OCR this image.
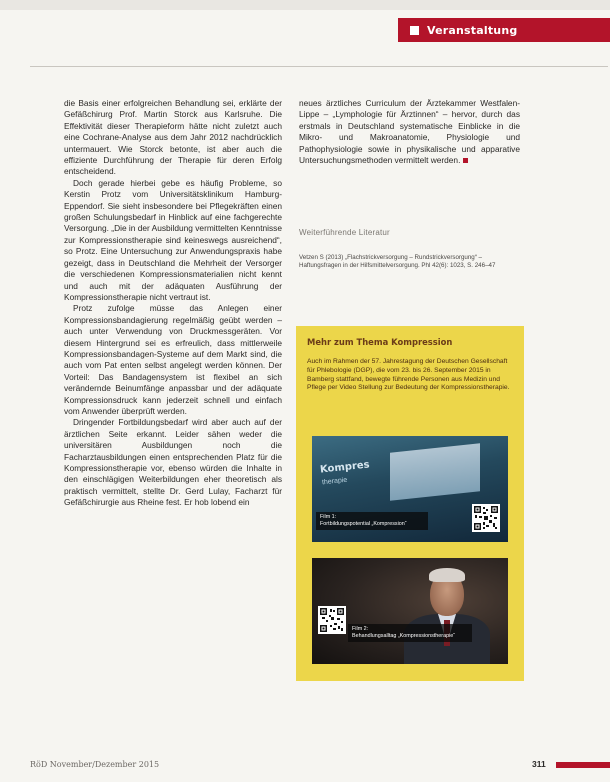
Veranstaltung

die Basis einer erfolgreichen Behandlung sei, erklärte der Gefäßchirurg Prof. Martin Storck aus Karlsruhe. Die Effektivität dieser Therapieform hätte nicht zuletzt auch eine Cochrane-Analyse aus dem Jahr 2012 nachdrücklich untermauert. Wie Storck betonte, ist aber auch die effiziente Durchführung der Therapie für deren Erfolg entscheidend.

Doch gerade hierbei gebe es häufig Probleme, so Kerstin Protz vom Universitätsklinikum Hamburg-Eppendorf. Sie sieht insbesondere bei Pflegekräften einen großen Schulungsbedarf in Hinblick auf eine fachgerechte Versorgung. „Die in der Ausbildung vermittelten Kenntnisse zur Kompressionstherapie sind keineswegs ausreichend“, so Protz. Eine Untersuchung zur Anwendungspraxis habe gezeigt, dass in Deutschland die Mehrheit der Versorger die verschiedenen Kompressionsmaterialien nicht kennt und auch mit der adäquaten Ausführung der Kompressionstherapie nicht vertraut ist.

Protz zufolge müsse das Anlegen einer Kompressionsbandagierung regelmäßig geübt werden – auch unter Verwendung von Druckmessgeräten. Vor diesem Hintergrund sei es erfreulich, dass mittlerweile Kompressionsbandagen-Systeme auf dem Markt sind, die auch vom Pat enten selbst angelegt werden können. Der Vorteil: Das Bandagensystem ist flexibel an sich verändernde Beinumfänge anpassbar und der adäquate Kompressionsdruck kann jederzeit schnell und einfach vom Anwender überprüft werden.

Dringender Fortbildungsbedarf wird aber auch auf der ärztlichen Seite erkannt. Leider sähen weder die universitären Ausbildungen noch die Facharztausbildungen einen entsprechenden Platz für die Kompressionstherapie vor, ebenso würden die Inhalte in den einschlägigen Weiterbildungen eher theoretisch als praktisch vermittelt, stellte Dr. Gerd Lulay, Facharzt für Gefäßchirurgie aus Rheine fest. Er hob lobend ein

neues ärztliches Curriculum der Ärztekammer Westfalen-Lippe – „Lymphologie für Ärztinnen“ – hervor, durch das erstmals in Deutschland systematische Einblicke in die Mikro- und Makroanatomie, Physiologie und Pathophysiologie sowie in physikalische und apparative Untersuchungsmethoden vermittelt werden.

Weiterführende Literatur
Vetzen S (2013) „Flachstrickversorgung – Rundstrickversorgung“ – Haftungsfragen in der Hilfsmittelversorgung. Phl 42(6): 1023, S. 246–47
Mehr zum Thema Kompression
Auch im Rahmen der 57. Jahrestagung der Deutschen Gesellschaft für Phlebologie (DGP), die vom 23. bis 26. September 2015 in Bamberg stattfand, bewegte führende Personen aus Medizin und Pflege per Video Stellung zur Bedeutung der Kompressionstherapie.
Kompres
therapie
Film 1:
Fortbildungspotential „Kompression“
Film 2:
Behandlungsalltag „Kompressionstherapie“
RöD November/Dezember 2015	311
